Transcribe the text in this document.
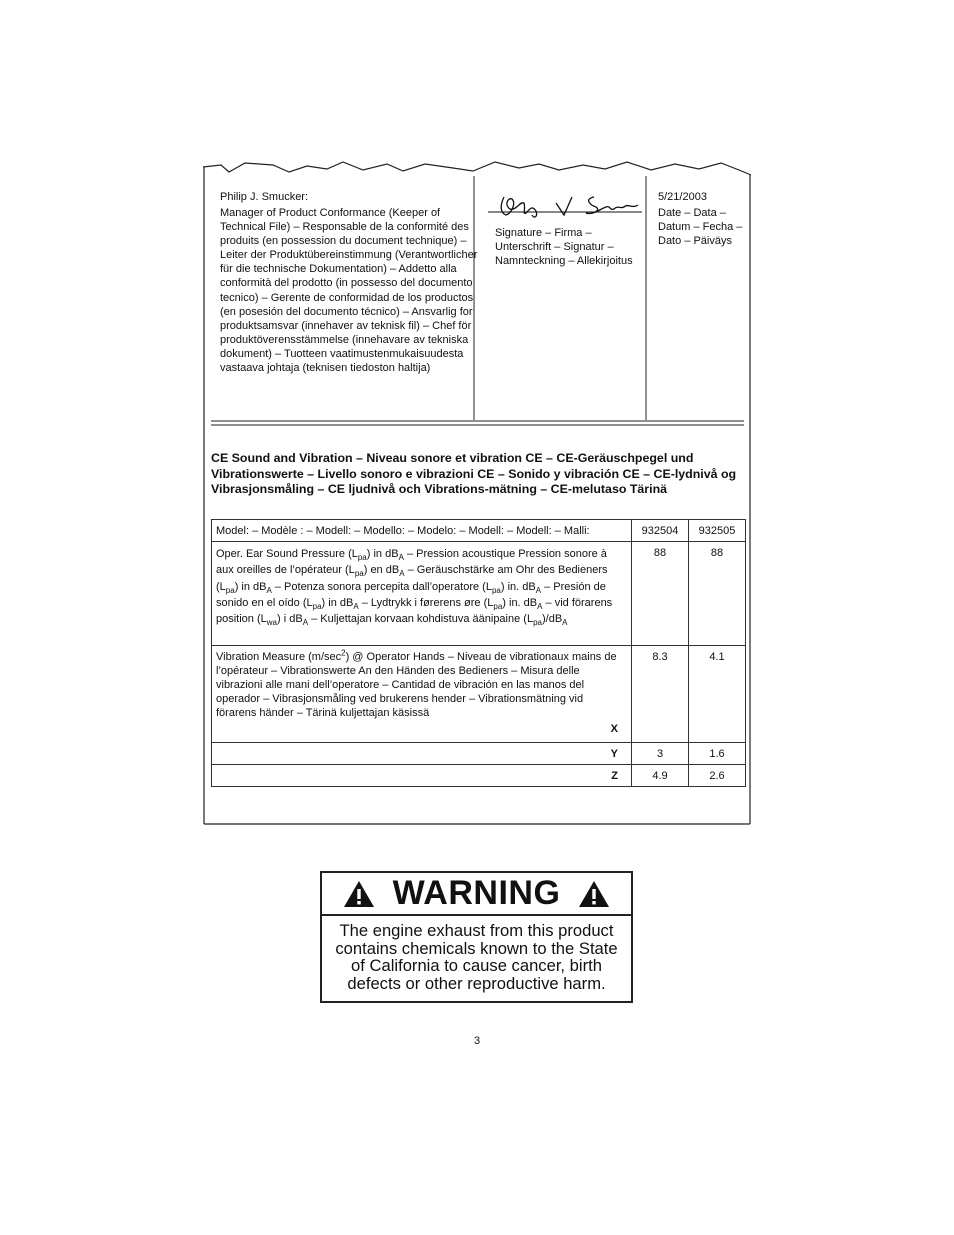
Philip J. Smucker:
Manager of Product Conformance (Keeper of Technical File) – Responsable de la conformité des produits (en possession du document technique) – Leiter der Produktübereinstimmung (Verantwortlicher für die technische Dokumentation) – Addetto alla conformità del prodotto (in possesso del documento tecnico) – Gerente de conformidad de los productos (en posesión del documento técnico) – Ansvarlig for produktsamsvar (innehaver av teknisk fil) – Chef för produktöverensstämmelse (innehavare av tekniska dokument) – Tuotteen vaatimustenmukaisuudesta vastaava johtaja (teknisen tiedoston haltija)
Signature – Firma – Unterschrift – Signatur – Namnteckning – Allekirjoitus
5/21/2003
Date – Data – Datum – Fecha – Dato – Päiväys
CE Sound and Vibration – Niveau sonore et vibration CE – CE-Geräuschpegel und Vibrationswerte – Livello sonoro e vibrazioni CE – Sonido y vibración CE – CE-lydnivå og Vibrasjonsmåling – CE ljudnivå och Vibrations-mätning – CE-melutaso Tärinä
Model: – Modèle : – Modell: – Modello: – Modelo: – Modell: – Modell: – Malli:	932504	932505
Oper. Ear Sound Pressure $(L_{pa})$ in $dB_A$ – Pression acoustique Pression sonore à aux oreilles de l’opérateur $(L_{pa})$ en $dB_A$ – Geräuschstärke am Ohr des Bedieners $(L_{pa})$ in $dB_A$ – Potenza sonora percepita dall’operatore $(L_{pa})$ in. $dB_A$ – Presión de sonido en el oído $(L_{pa})$ in $dB_A$ – Lydtrykk i førerens øre $(L_{pa})$ in. $dB_A$ – vid förarens position $(L_{wa})$ i $dB_A$ – Kuljettajan korvaan kohdistuva äänipaine $(L_{pa})/dB_A$	88	88

Vibration Measure $(m/\sec^2)$ @ Operator Hands – Niveau de vibrationaux mains de l’opérateur – Vibrationswerte An den Händen des Bedieners – Misura delle vibrazioni alle mani dell’operatore – Cantidad de vibración en las manos del operador – Vibrasjonsmåling ved brukerens hender – Vibrationsmätning vid förarens händer – Tärinä kuljettajan käsissä
X	8.3	4.1

Y	3	1.6

Z	4.9	2.6
WARNING
The engine exhaust from this product contains chemicals known to the State of California to cause cancer, birth defects or other reproductive harm.
3
